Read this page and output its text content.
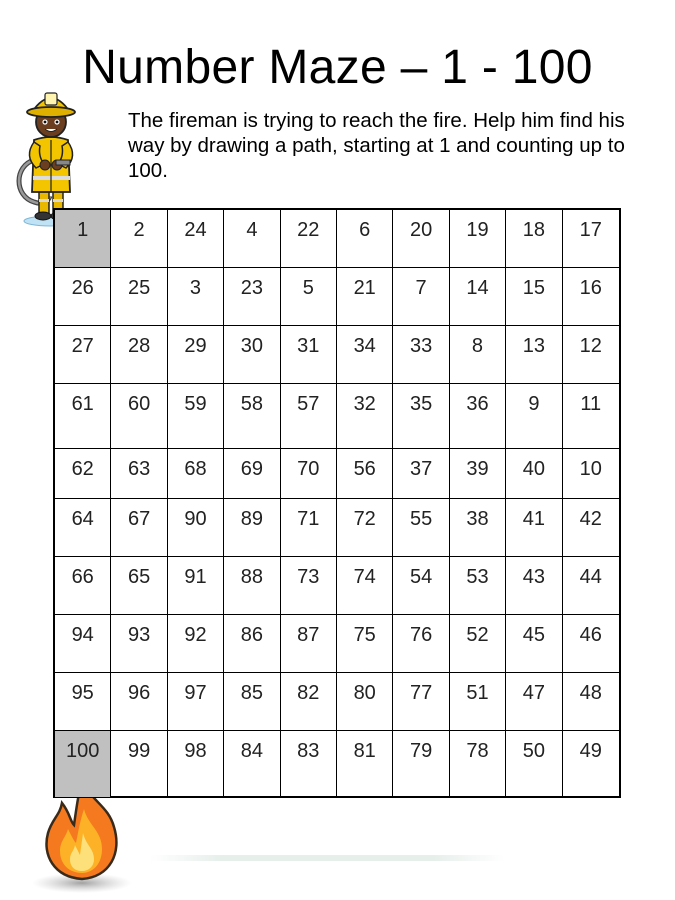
Number Maze – 1 - 100
The fireman is trying to reach the fire. Help him find his way by drawing a path, starting at 1 and counting up to 100.
1	2	24	4	22	6	20	19	18	17
26	25	3	23	5	21	7	14	15	16
27	28	29	30	31	34	33	8	13	12
61	60	59	58	57	32	35	36	9	11
62	63	68	69	70	56	37	39	40	10
64	67	90	89	71	72	55	38	41	42
66	65	91	88	73	74	54	53	43	44
94	93	92	86	87	75	76	52	45	46
95	96	97	85	82	80	77	51	47	48
100	99	98	84	83	81	79	78	50	49
